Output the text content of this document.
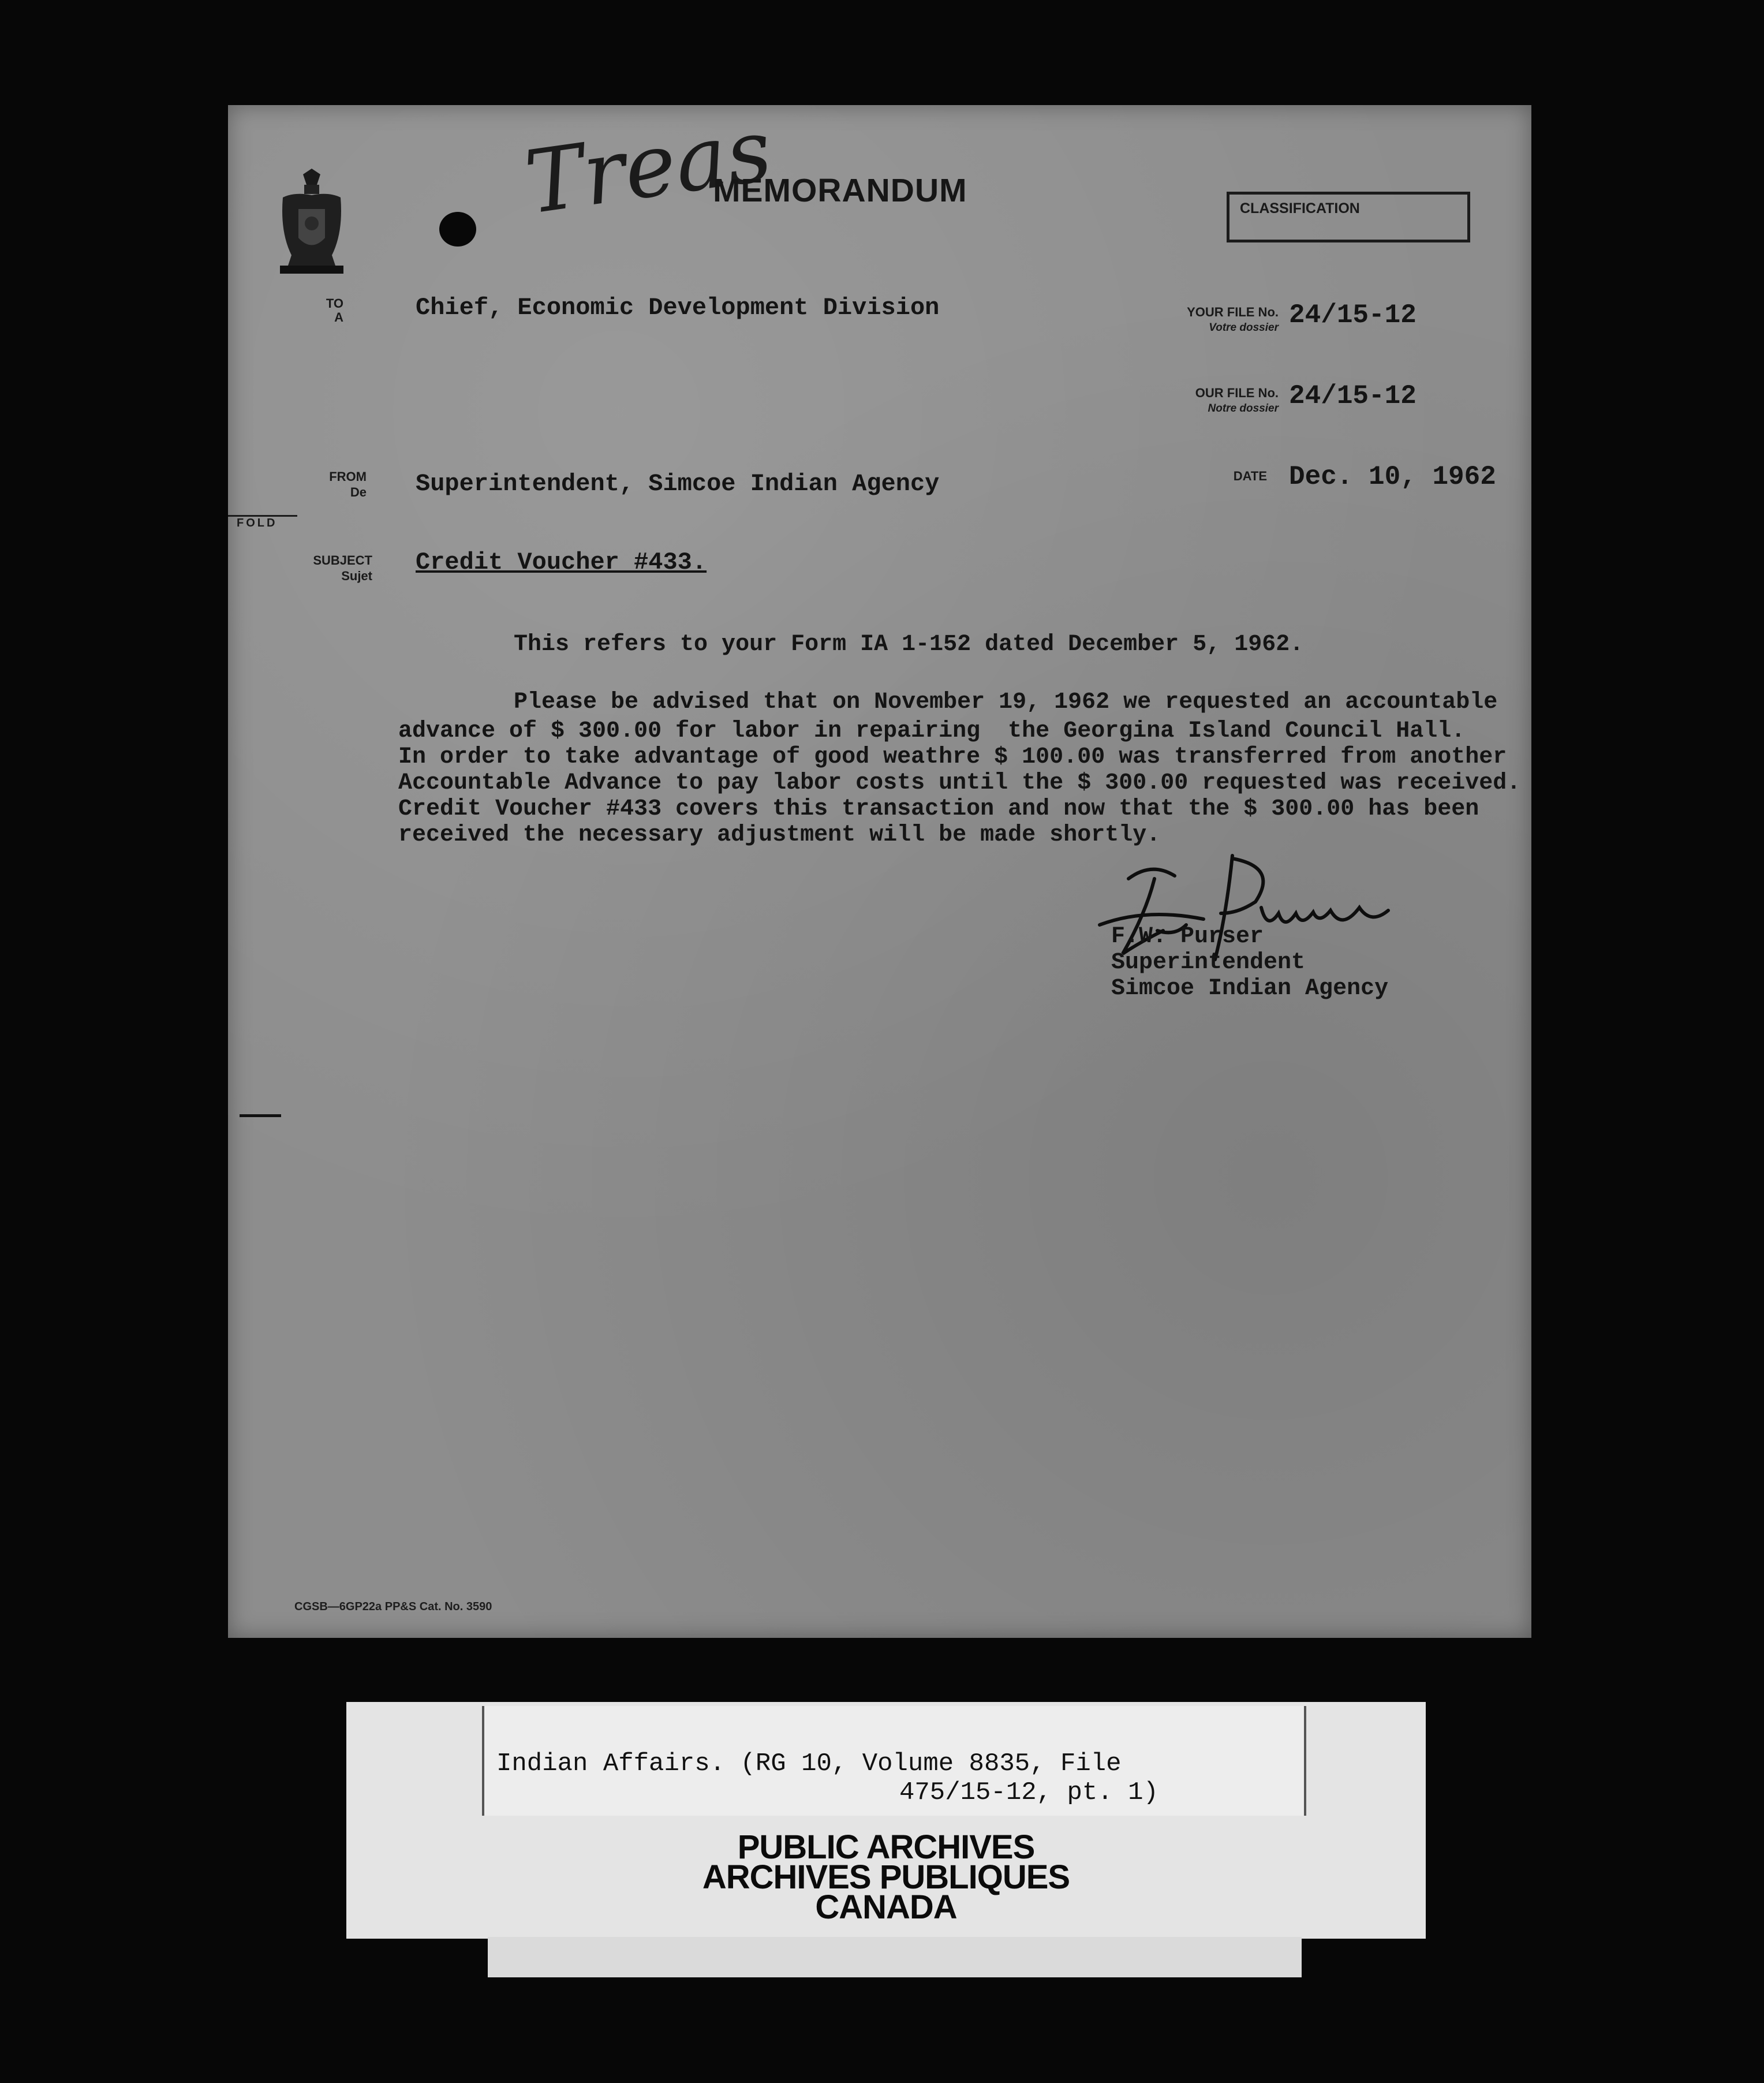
Treas
MEMORANDUM	CLASSIFICATION
TO
A	Chief, Economic Development Division	YOUR FILE No.
Votre dossier 24/15-12
OUR FILE No.
Notre dossier 24/15-12
FROM
De Superintendent, Simcoe Indian Agency	DATE Dec. 10, 1962
FOLD
SUBJECT
Sujet Credit Voucher #433.
This refers to your Form IA 1-152 dated December 5, 1962.
Please be advised that on November 19, 1962 we requested an accountable
advance of $ 300.00 for labor in repairing  the Georgina Island Council Hall.
In order to take advantage of good weathre $ 100.00 was transferred from another
Accountable Advance to pay labor costs until the $ 300.00 requested was received.
Credit Voucher #433 covers this transaction and now that the $ 300.00 has been
received the necessary adjustment will be made shortly.
F.W. Purser
Superintendent
Simcoe Indian Agency
CGSB—6GP22a PP&S Cat. No. 3590
Indian Affairs. (RG 10, Volume 8835, File
475/15-12, pt. 1)
PUBLIC ARCHIVES
ARCHIVES PUBLIQUES
CANADA
